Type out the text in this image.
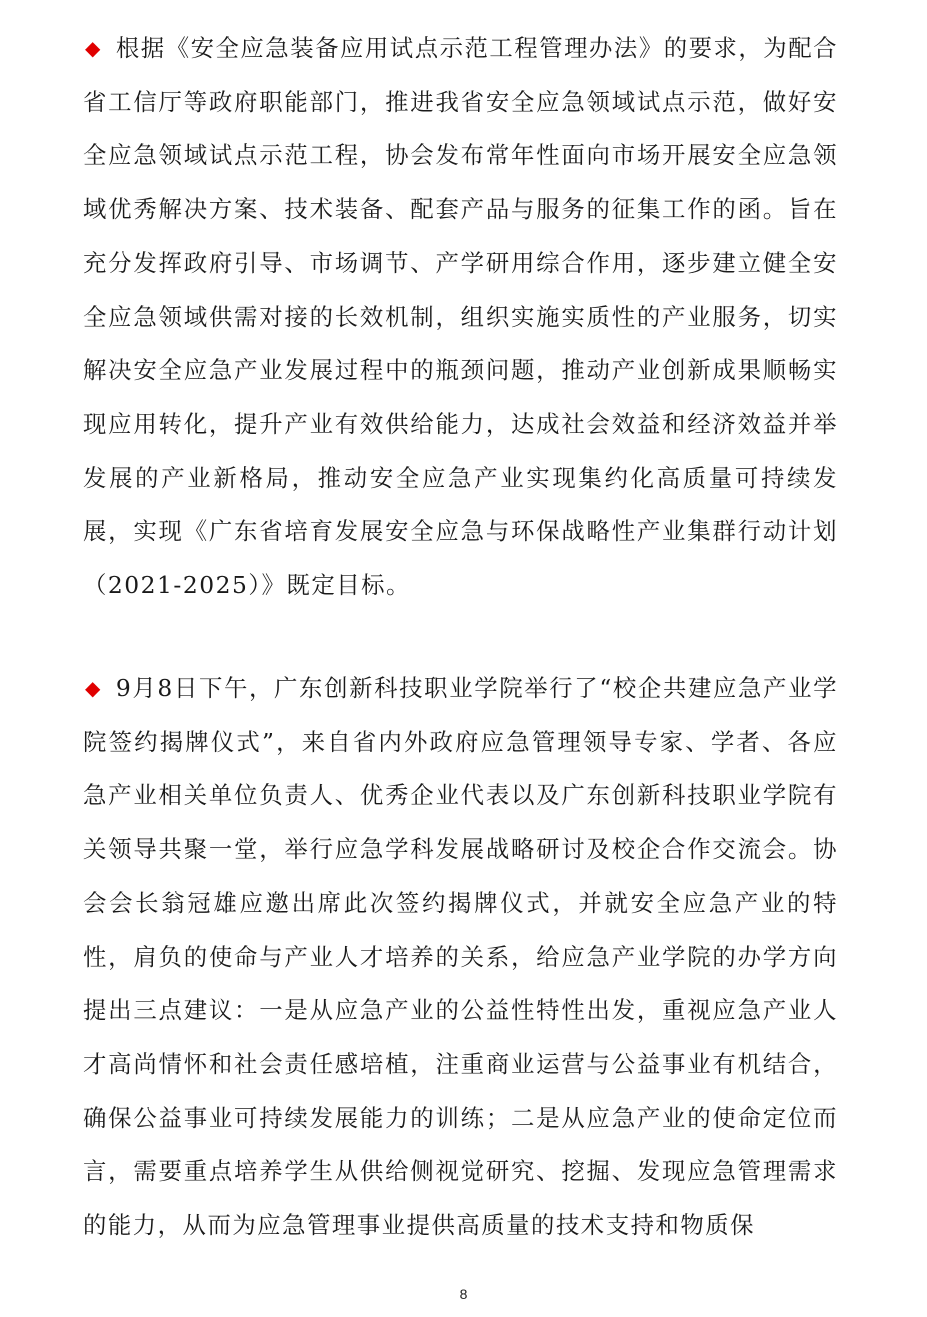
◆ 根据《安全应急装备应用试点示范工程管理办法》的要求，为配合省工信厅等政府职能部门，推进我省安全应急领域试点示范，做好安全应急领域试点示范工程，协会发布常年性面向市场开展安全应急领域优秀解决方案、技术装备、配套产品与服务的征集工作的函。旨在充分发挥政府引导、市场调节、产学研用综合作用，逐步建立健全安全应急领域供需对接的长效机制，组织实施实质性的产业服务，切实解决安全应急产业发展过程中的瓶颈问题，推动产业创新成果顺畅实现应用转化，提升产业有效供给能力，达成社会效益和经济效益并举发展的产业新格局，推动安全应急产业实现集约化高质量可持续发展，实现《广东省培育发展安全应急与环保战略性产业集群行动计划（2021-2025）》既定目标。

◆ 9月8日下午，广东创新科技职业学院举行了“校企共建应急产业学院签约揭牌仪式”，来自省内外政府应急管理领导专家、学者、各应急产业相关单位负责人、优秀企业代表以及广东创新科技职业学院有关领导共聚一堂，举行应急学科发展战略研讨及校企合作交流会。协会会长翁冠雄应邀出席此次签约揭牌仪式，并就安全应急产业的特性，肩负的使命与产业人才培养的关系，给应急产业学院的办学方向提出三点建议：一是从应急产业的公益性特性出发，重视应急产业人才高尚情怀和社会责任感培植，注重商业运营与公益事业有机结合，确保公益事业可持续发展能力的训练；二是从应急产业的使命定位而言，需要重点培养学生从供给侧视觉研究、挖掘、发现应急管理需求的能力，从而为应急管理事业提供高质量的技术支持和物质保

8
